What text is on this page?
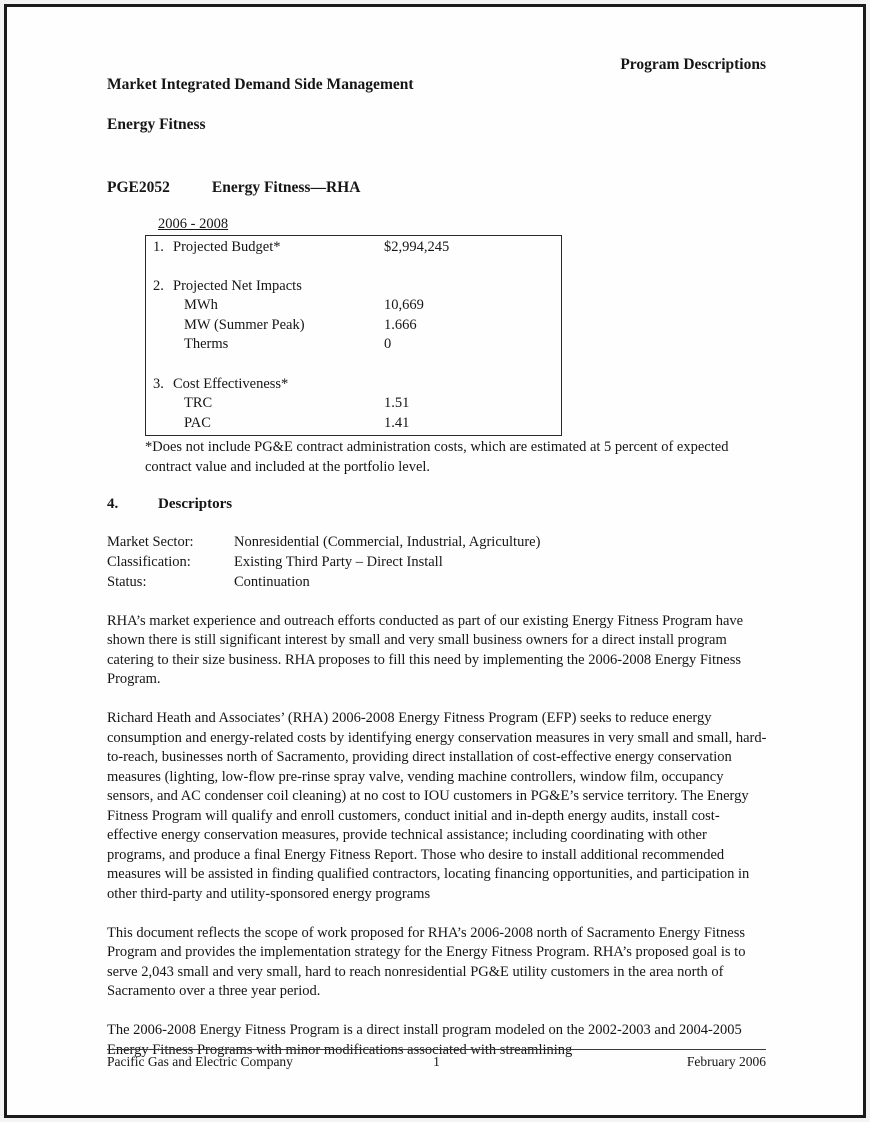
Market Integrated Demand Side Management

Energy Fitness

Program Descriptions
PGE2052	Energy Fitness—RHA
2006 - 2008
1. Projected Budget*	$2,994,245
2. Projected Net Impacts
MWh	10,669
MW (Summer Peak)	1.666
Therms	0
3. Cost Effectiveness*
TRC	1.51
PAC	1.41
*Does not include PG&E contract administration costs, which are estimated at 5 percent of expected contract value and included at the portfolio level.
4.	Descriptors
Market Sector:	Nonresidential (Commercial, Industrial, Agriculture)
Classification:	Existing Third Party – Direct Install
Status:	Continuation

RHA’s market experience and outreach efforts conducted as part of our existing Energy Fitness Program have shown there is still significant interest by small and very small business owners for a direct install program catering to their size business. RHA proposes to fill this need by implementing the 2006-2008 Energy Fitness Program.

Richard Heath and Associates’ (RHA) 2006-2008 Energy Fitness Program (EFP) seeks to reduce energy consumption and energy-related costs by identifying energy conservation measures in very small and small, hard-to-reach, businesses north of Sacramento, providing direct installation of cost-effective energy conservation measures (lighting, low-flow pre-rinse spray valve, vending machine controllers, window film, occupancy sensors, and AC condenser coil cleaning) at no cost to IOU customers in PG&E’s service territory. The Energy Fitness Program will qualify and enroll customers, conduct initial and in-depth energy audits, install cost-effective energy conservation measures, provide technical assistance; including coordinating with other programs, and produce a final Energy Fitness Report. Those who desire to install additional recommended measures will be assisted in finding qualified contractors, locating financing opportunities, and participation in other third-party and utility-sponsored energy programs

This document reflects the scope of work proposed for RHA’s 2006-2008 north of Sacramento Energy Fitness Program and provides the implementation strategy for the Energy Fitness Program. RHA’s proposed goal is to serve 2,043 small and very small, hard to reach nonresidential PG&E utility customers in the area north of Sacramento over a three year period.

The 2006-2008 Energy Fitness Program is a direct install program modeled on the 2002-2003 and 2004-2005 Energy Fitness Programs with minor modifications associated with streamlining

Pacific Gas and Electric Company	1	February 2006
